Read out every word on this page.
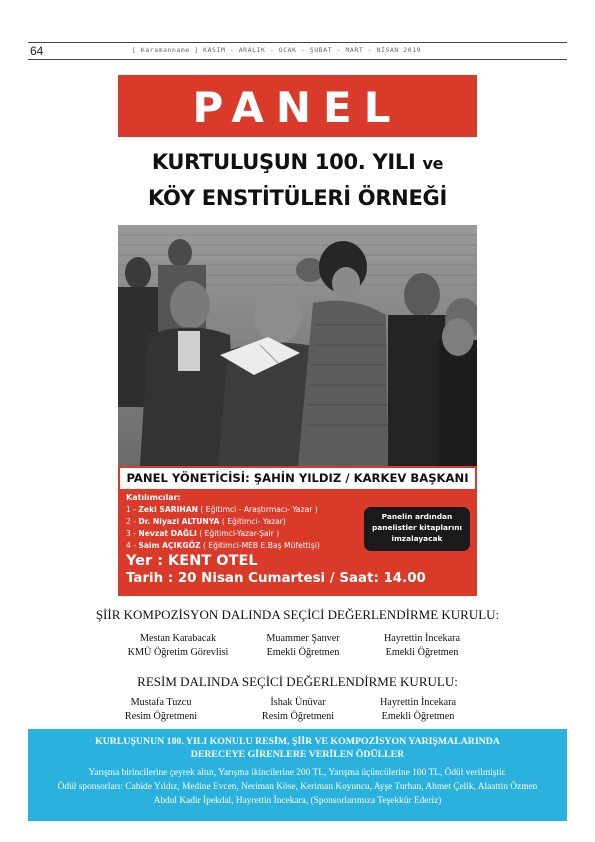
64	[ Karamanname ] KASIM - ARALIK - OCAK - ŞUBAT - MART - NİSAN 2019
PANEL
KURTULUŞUN 100. YILI ve
KÖY ENSTİTÜLERİ ÖRNEĞİ
PANEL YÖNETİCİSİ: ŞAHİN YILDIZ / KARKEV BAŞKANI
Katılımcılar:
1 - Zeki SARIHAN ( Eğitimci - Araştırmacı- Yazar )
2 - Dr. Niyazi ALTUNYA ( Eğitimci- Yazar)
3 - Nevzat DAĞLI ( Eğitimci-Yazar-Şair )
4 - Saim AÇIKGÖZ ( Eğitimci-MEB E.Baş Müfettişi)
Panelin ardından
panelistler kitaplarını
imzalayacak
Yer : KENT OTEL
Tarih : 20 Nisan Cumartesi / Saat: 14.00
ŞİİR KOMPOZİSYON DALINDA SEÇİCİ DEĞERLENDİRME KURULU:
Mestan Karabacak
KMÜ Öğretim Görevlisi
Muammer Şanver
Emekli Öğretmen
Hayrettin İncekara
Emekli Öğretmen
RESİM DALINDA SEÇİCİ DEĞERLENDİRME KURULU:
Mustafa Tuzcu
Resim Öğretmeni
İshak Ünüvar
Resim Öğretmeni
Hayrettin İncekara
Emekli Öğretmen
KURLUŞUNUN 100. YILI KONULU RESİM, ŞİİR VE KOMPOZİSYON YARIŞMALARINDA
DERECEYE GİRENLERE VERİLEN ÖDÜLLER
Yarışma birincilerine çeyrek altın, Yarışma ikincilerine 200 TL, Yarışma üçüncülerine 100 TL, Ödül verilmiştir.
Ödül sponsorları: Cahide Yıldız, Medine Evcen, Neriman Köse, Keriman Koyuncu, Ayşe Turhan, Ahmet Çelik, Alaattin Özmen
Abdul Kadir İpekdal, Hayrettin İncekara, (Sponsorlarımıza Teşekkür Ederiz)
